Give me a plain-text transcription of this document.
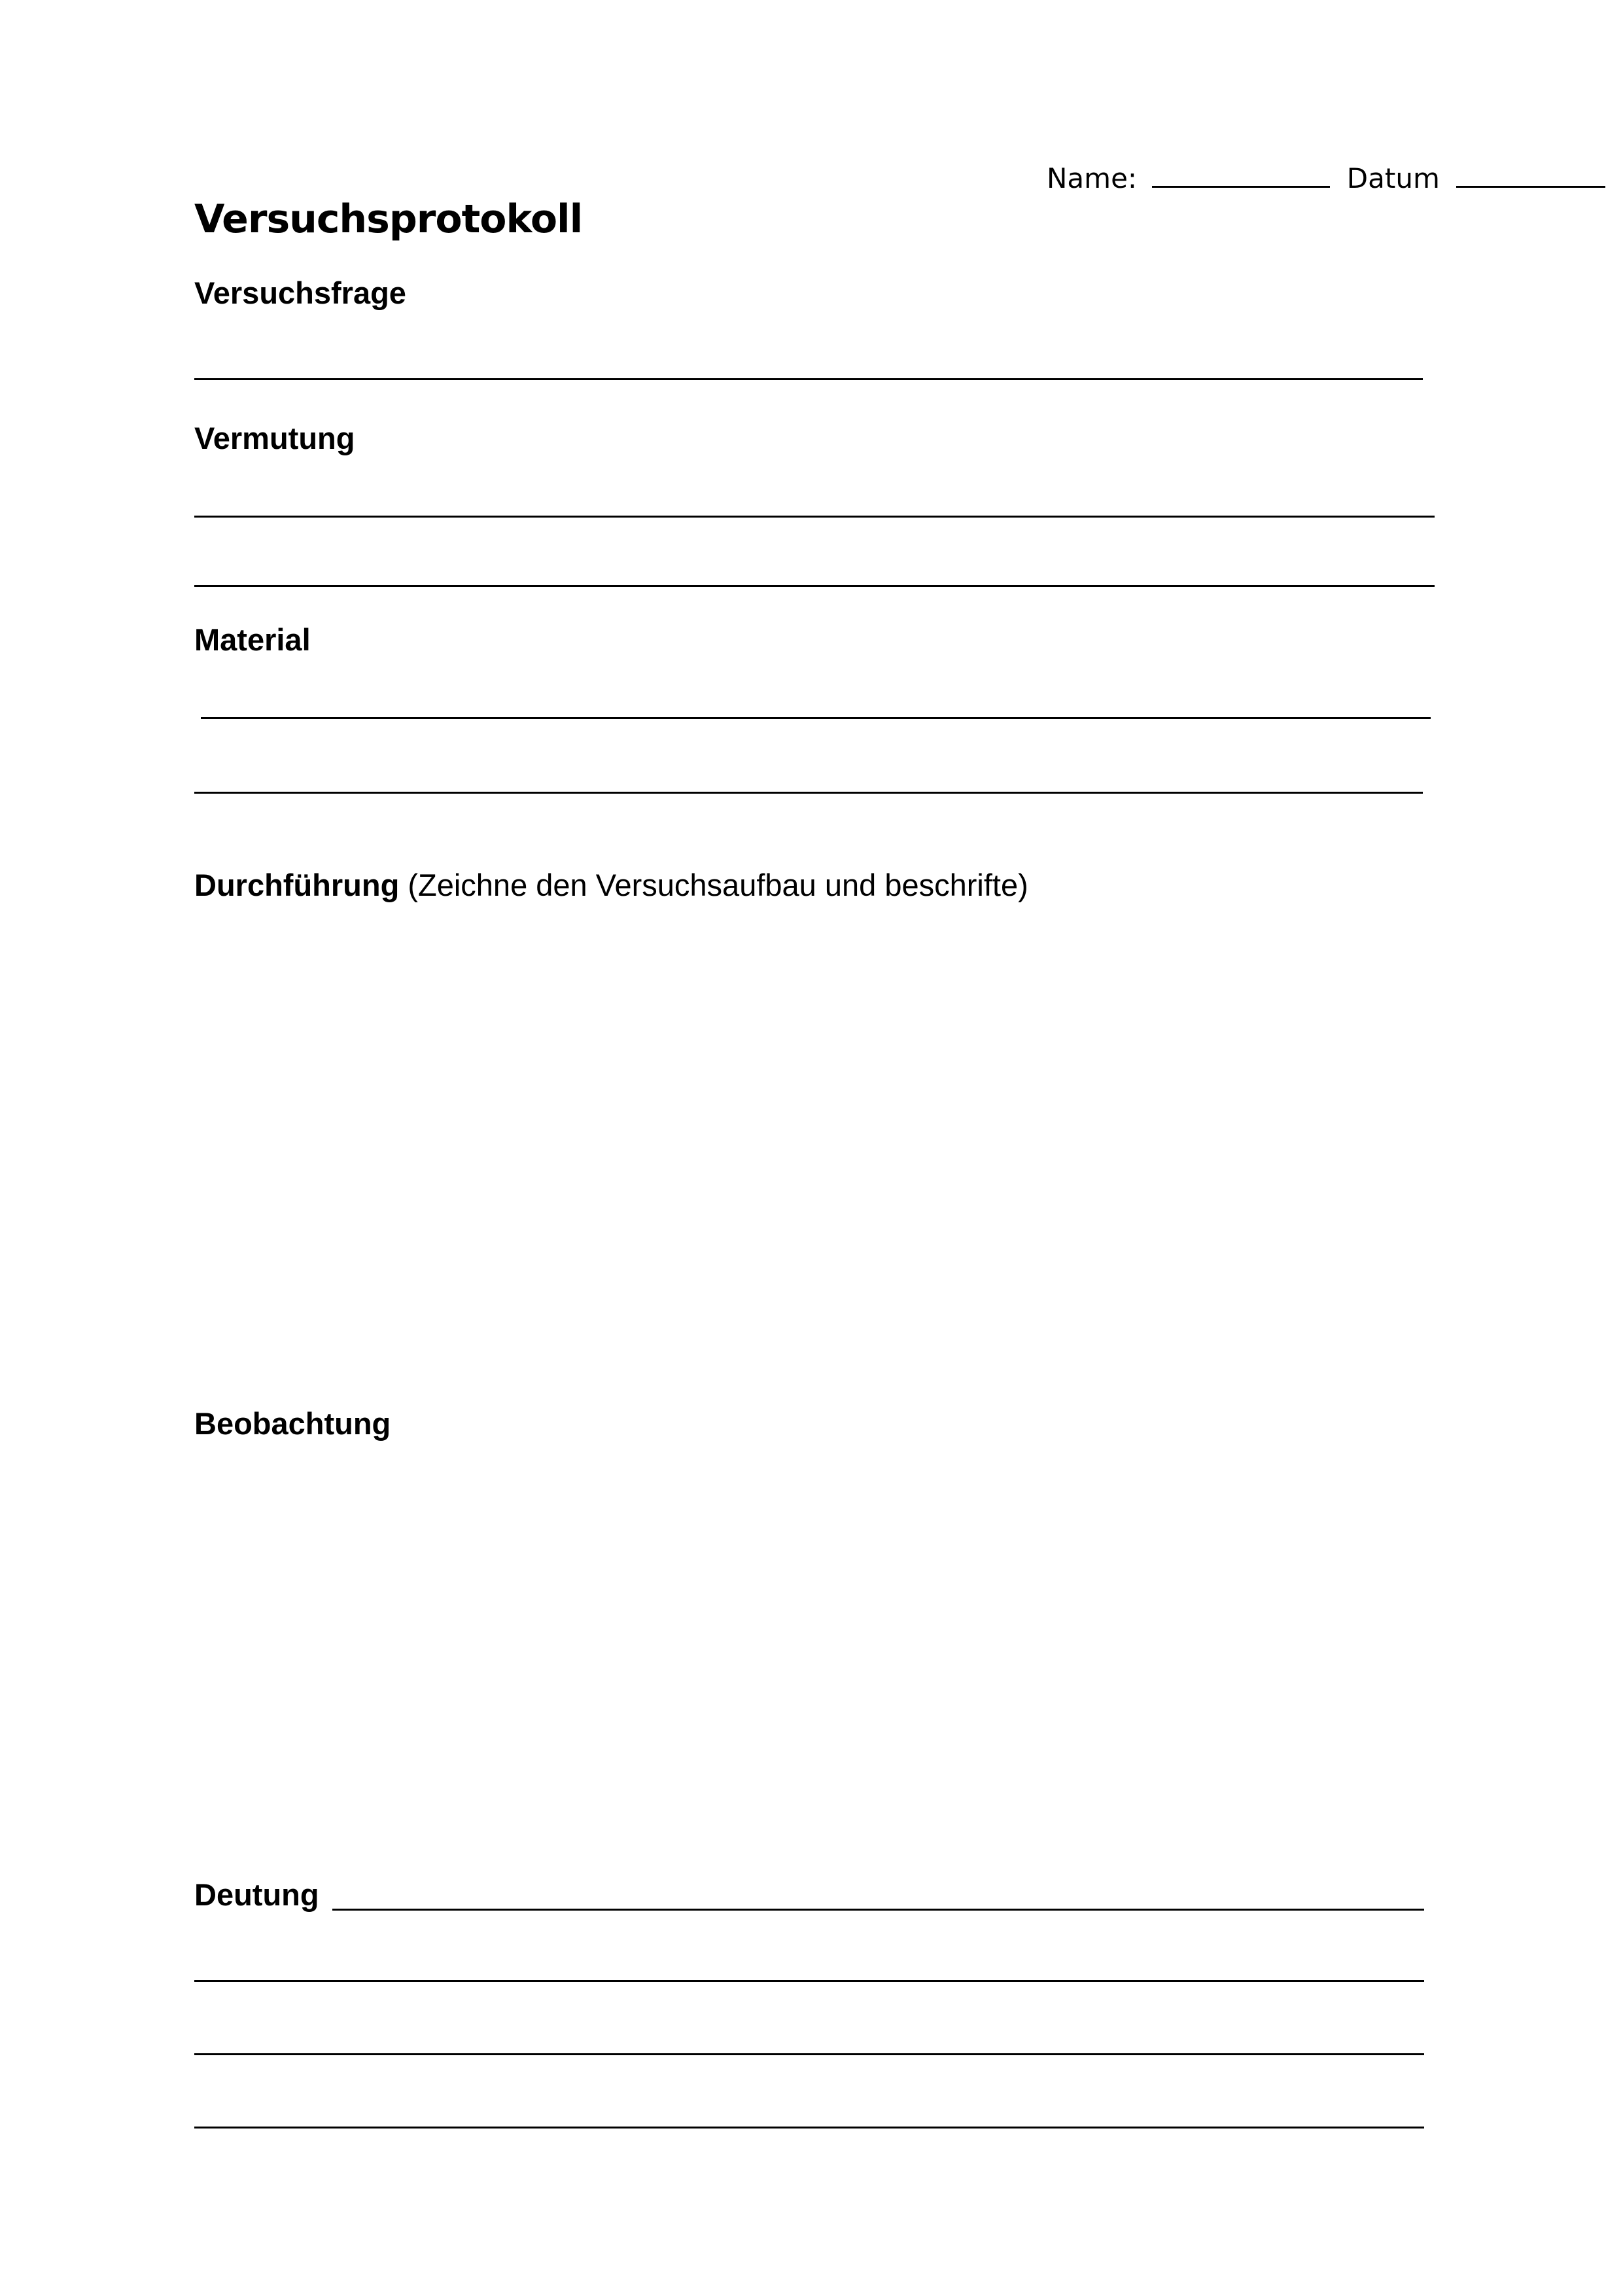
Name:	Datum
Versuchsprotokoll
Versuchsfrage
Vermutung
Material
Durchführung (Zeichne den Versuchsaufbau und beschrifte)
Beobachtung
Deutung
